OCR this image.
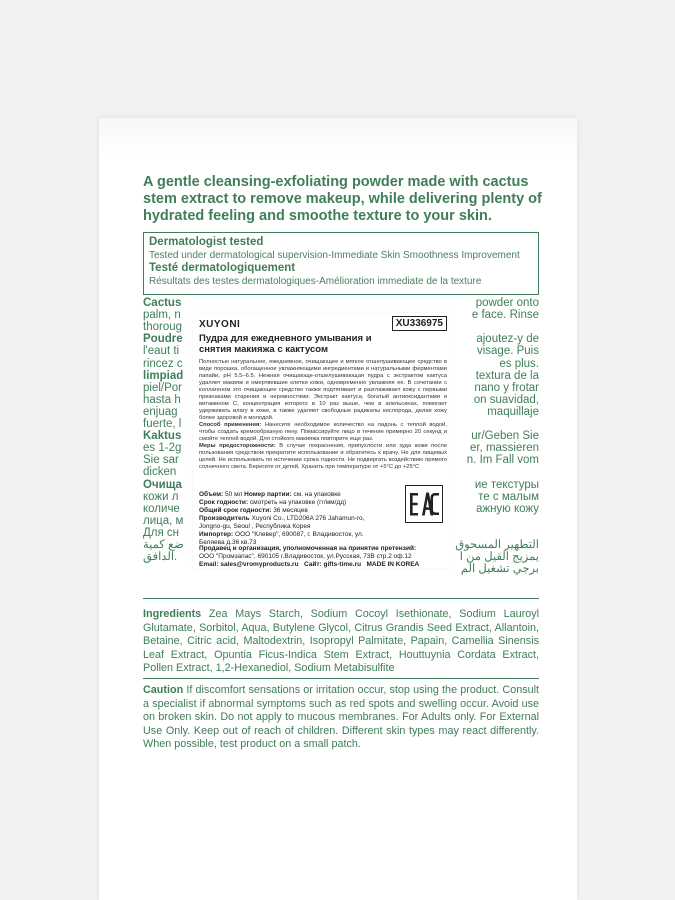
A gentle cleansing-exfoliating powder made with cactus stem extract to remove makeup, while delivering plenty of hydrated feeling and smoothe texture to your skin.

Dermatologist tested
Tested under dermatological supervision-Immediate Skin Smoothness Improvement
Testé dermatologiquement
Résultats des testes dermatologiques-Amélioration immediate de la texture
Cactus	powder onto
palm, n	e face. Rinse
thoroug
Poudre	ajoutez-y de
l'eaut ti	visage. Puis
rincez c	es plus.
limpiad	textura de la
piel/Por	nano y frotar
hasta h	on suavidad,
enjuag	maquillaje
fuerte, l
Kaktus	ur/Geben Sie
es 1-2g	er, massieren
Sie sar	n. Im Fall vom
dicken
Очища	ие текстуры
кожи л	те с малым
количе	ажную кожу
лица, м
Для сн
ضع كمية	التطهير المسحوق
الدافق.	يمزيج القيل من ا
برجي تشغيل الم
XUYONI	XU336975
Пудра для ежедневного умывания и снятия макияжа с кактусом
Полностью натуральное, ежедневное, очищающее и мягкое отшелушивающее средство в виде порошка, обогащенное увлажняющими ингредиентами и натуральными ферментами папайи, pH 5.5–6.5. Нежная очищающе-отшелушивающая пудра с экстрактом кактуса удаляет макияж и омертвевшие клетки кожи, одновременно увлажняя ее. В сочетании с коллагеном это очищающее средство также подтягивает и разглаживает кожу с первыми признаками старения и неровностями. Экстракт кактуса, богатый антиоксидантами и витамином C, концентрация которого в 10 раз выше, чем в апельсинах, помогает удерживать влагу в коже, в также удаляет свободные радикалы кислорода, делая кожу более здоровой и молодой.
Способ применения: Нанесите необходимое количество на ладонь с теплой водой, чтобы создать кремообразную пену. Помассируйте лицо в течение примерно 20 секунд и смойте теплой водой. Для стойкого макияжа повторите еще раз.
Меры предосторожности: В случае покраснения, припухлости или зуда кожи после пользования средством прекратите использование и обратитесь к врачу. Не для пищевых целей. Не использовать по истечении срока годности. Не подвергать воздействию прямого солнечного света. Берегите от детей. Хранить при температуре от +5°С до +25°С
Объем: 50 мл Номер партии: см. на упаковке
Срок годности: смотреть на упаковке (гг/мм/дд)
Общий срок годности: 36 месяцев
Производитель Xuyoni Co., LTD206A 276 Jahamun-ro, Jongno-gu, Seoul , Республика Корея
Импортер: ООО "Клевер", 690087, г. Владивосток, ул. Беляева д.36 кв.73
Продавец и организация, уполномоченная на принятие претензий:
ООО "Промзапас", 690105 г.Владивосток, ул.Русская, 73В стр.2 оф.12
Email: sales@vromyproducts.ru Сайт: gifts-time.ru MADE IN KOREA
Ingredients Zea Mays Starch, Sodium Cocoyl Isethionate, Sodium Lauroyl Glutamate, Sorbitol, Aqua, Butylene Glycol, Citrus Grandis Seed Extract, Allantoin, Betaine, Citric acid, Maltodextrin, Isopropyl Palmitate, Papain, Camellia Sinensis Leaf Extract, Opuntia Ficus-Indica Stem Extract, Houttuynia Cordata Extract, Pollen Extract, 1,2-Hexanediol, Sodium Metabisulfite
Caution If discomfort sensations or irritation occur, stop using the product. Consult a specialist if abnormal symptoms such as red spots and swelling occur. Avoid use on broken skin. Do not apply to mucous membranes. For Adults only. For External Use Only. Keep out of reach of children. Different skin types may react differently. When possible, test product on a small patch.
